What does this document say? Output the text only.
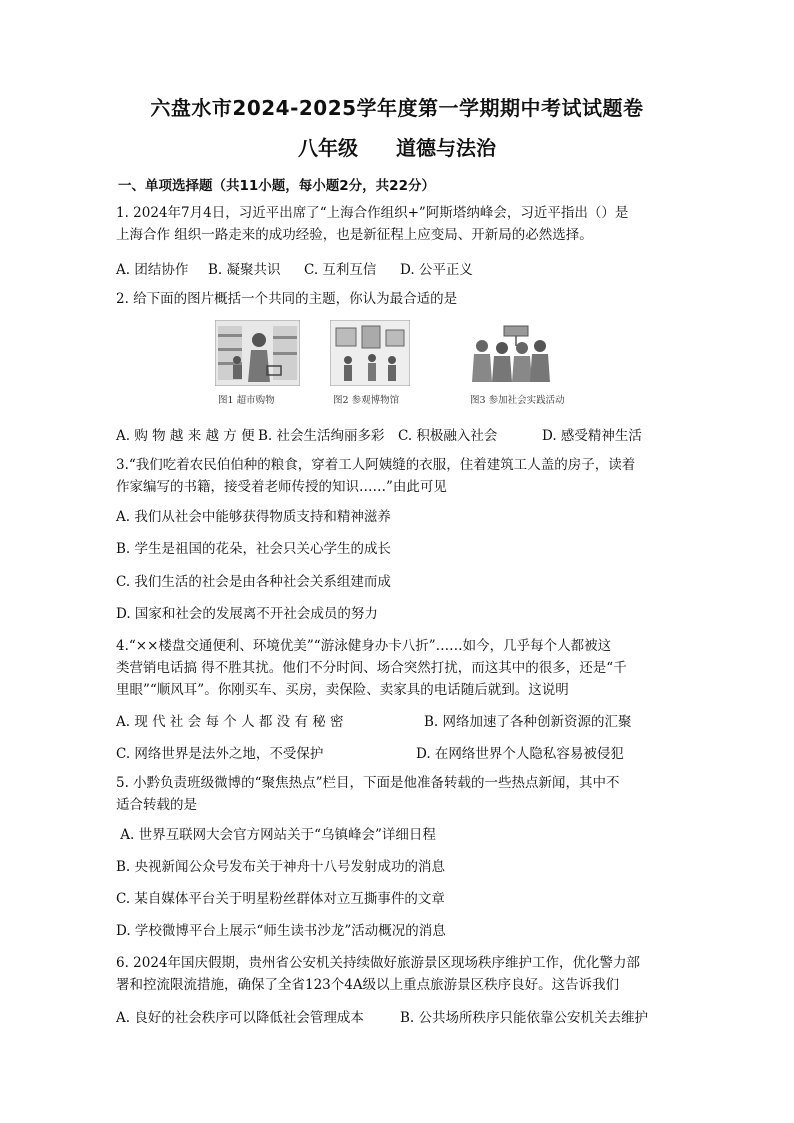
六盘水市2024-2025学年度第一学期期中考试试题卷
八年级 道德与法治
一、单项选择题（共11小题，每小题2分，共22分）
1. 2024年7月4日，习近平出席了“上海合作组织+”阿斯塔纳峰会，习近平指出（）是
上海合作 组织一路走来的成功经验，也是新征程上应变局、开新局的必然选择。
A. 团结协作 B. 凝聚共识 C. 互利互信 D. 公平正义
2. 给下面的图片概括一个共同的主题，你认为最合适的是
图1 超市购物	图2 参观博物馆	图3 参加社会实践活动
A. 购 物 越 来 越 方 便 B. 社会生活绚丽多彩 C. 积极融入社会	D. 感受精神生活
3.“我们吃着农民伯伯种的粮食，穿着工人阿姨缝的衣服，住着建筑工人盖的房子，读着
作家编写的书籍，接受着老师传授的知识……”由此可见
A. 我们从社会中能够获得物质支持和精神滋养
B. 学生是祖国的花朵，社会只关心学生的成长
C. 我们生活的社会是由各种社会关系组建而成
D. 国家和社会的发展离不开社会成员的努力
4.“××楼盘交通便利、环境优美”“游泳健身办卡八折”……如今，几乎每个人都被这
类营销电话搞 得不胜其扰。他们不分时间、场合突然打扰，而这其中的很多，还是“千
里眼”“顺风耳”。你刚买车、买房，卖保险、卖家具的电话随后就到。这说明
A. 现 代 社 会 每 个 人 都 没 有 秘 密	B. 网络加速了各种创新资源的汇聚
C. 网络世界是法外之地，不受保护	D. 在网络世界个人隐私容易被侵犯
5. 小黔负责班级微博的“聚焦热点”栏目，下面是他准备转载的一些热点新闻，其中不
适合转载的是
A. 世界互联网大会官方网站关于“乌镇峰会”详细日程
B. 央视新闻公众号发布关于神舟十八号发射成功的消息
C. 某自媒体平台关于明星粉丝群体对立互撕事件的文章
D. 学校微博平台上展示“师生读书沙龙”活动概况的消息
6. 2024年国庆假期，贵州省公安机关持续做好旅游景区现场秩序维护工作，优化警力部
署和控流限流措施，确保了全省123个4A级以上重点旅游景区秩序良好。这告诉我们
A. 良好的社会秩序可以降低社会管理成本	B. 公共场所秩序只能依靠公安机关去维护
